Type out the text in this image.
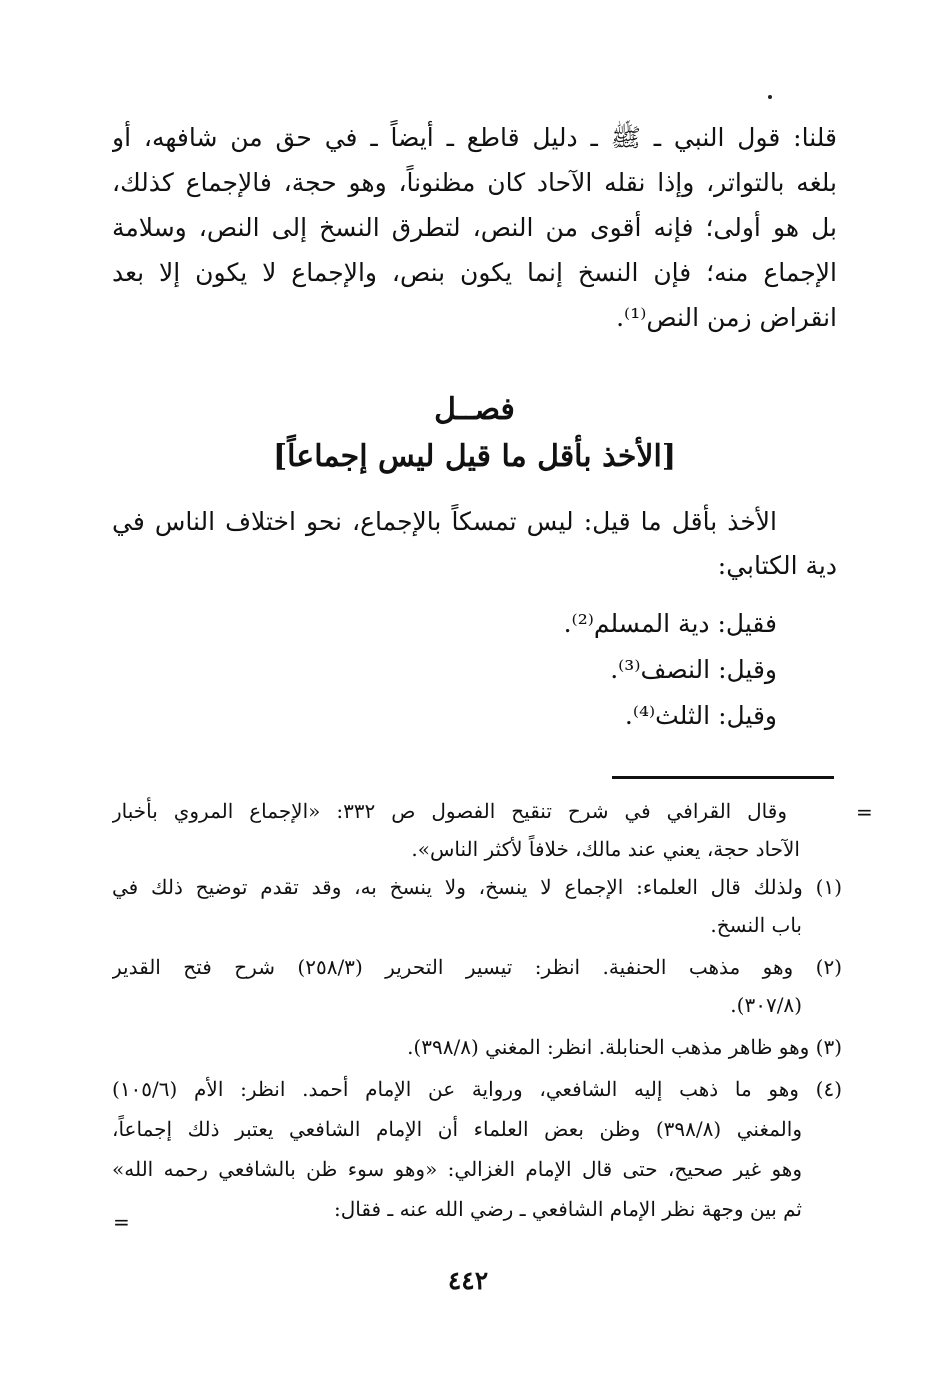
قلنا: قول النبي ـ ﷺ ـ دليل قاطع ـ أيضاً ـ في حق من شافهه، أو
بلغه بالتواتر، وإذا نقله الآحاد كان مظنوناً، وهو حجة، فالإجماع كذلك،
بل هو أولى؛ فإنه أقوى من النص، لتطرق النسخ إلى النص، وسلامة
الإجماع منه؛ فإن النسخ إنما يكون بنص، والإجماع لا يكون إلا بعد
انقراض زمن النص⁽¹⁾.
فصــل
[الأخذ بأقل ما قيل ليس إجماعاً]
الأخذ بأقل ما قيل: ليس تمسكاً بالإجماع، نحو اختلاف الناس في
دية الكتابي:
فقيل: دية المسلم⁽²⁾.
وقيل: النصف⁽³⁾.
وقيل: الثلث⁽⁴⁾.
=
وقال القرافي في شرح تنقيح الفصول ص ٣٣٢: «الإجماع المروي بأخبار
الآحاد حجة، يعني عند مالك، خلافاً لأكثر الناس».
(١) ولذلك قال العلماء: الإجماع لا ينسخ، ولا ينسخ به، وقد تقدم توضيح ذلك في
باب النسخ.
(٢) وهو مذهب الحنفية. انظر: تيسير التحرير (٢٥٨/٣) شرح فتح القدير
(٣٠٧/٨).
(٣) وهو ظاهر مذهب الحنابلة. انظر: المغني (٣٩٨/٨).
(٤) وهو ما ذهب إليه الشافعي، ورواية عن الإمام أحمد. انظر: الأم (١٠٥/٦)
والمغني (٣٩٨/٨) وظن بعض العلماء أن الإمام الشافعي يعتبر ذلك إجماعاً،
وهو غير صحيح، حتى قال الإمام الغزالي: «وهو سوء ظن بالشافعي رحمه الله»
ثم بين وجهة نظر الإمام الشافعي ـ رضي الله عنه ـ فقال:
=
٤٤٢
